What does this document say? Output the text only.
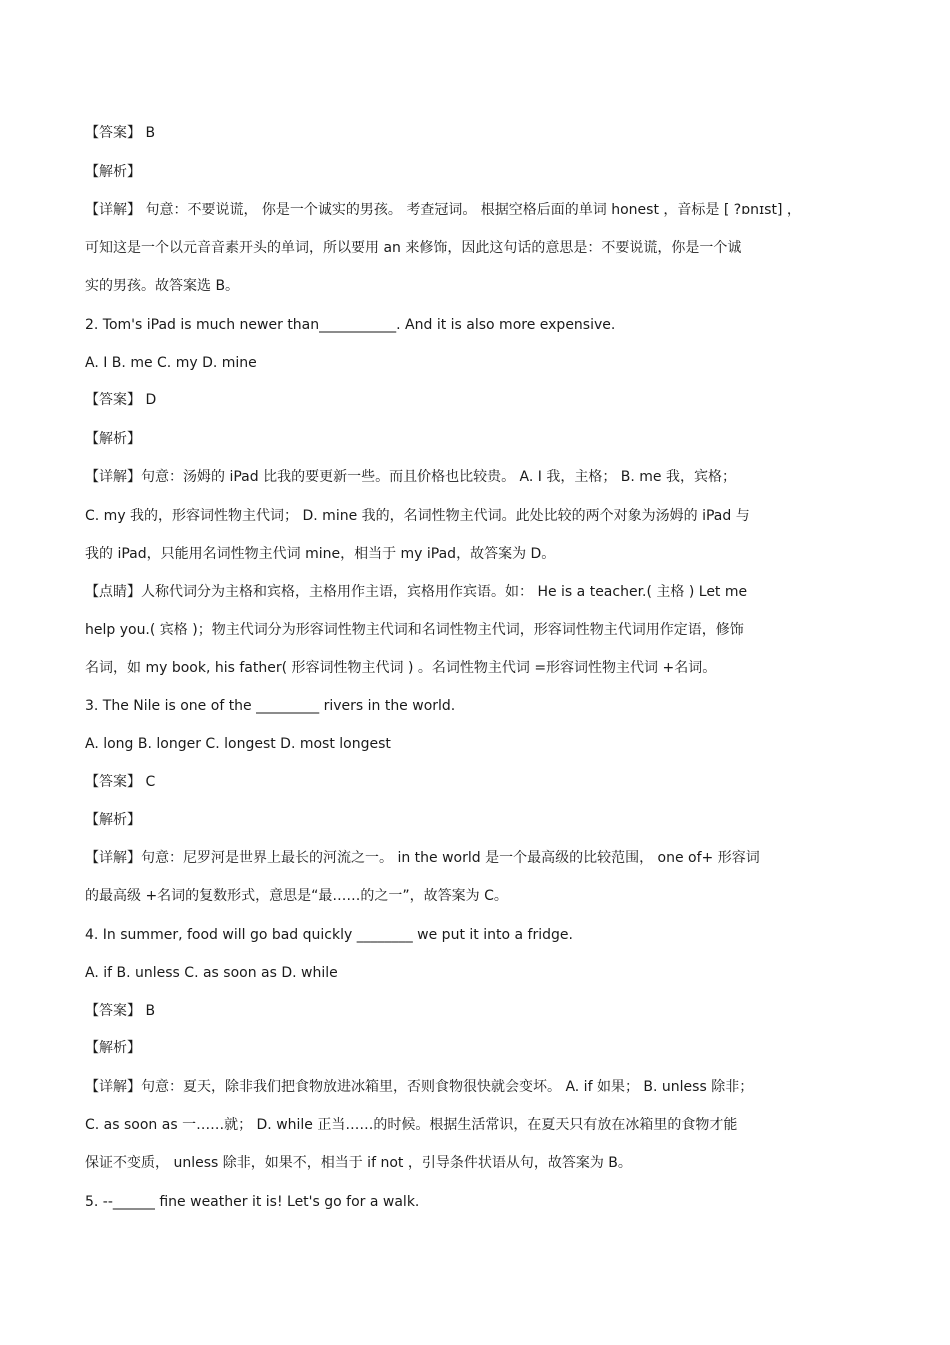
【答案】 B
【解析】
【详解】 句意：不要说谎， 你是一个诚实的男孩。 考查冠词。 根据空格后面的单词 honest ，音标是 [ ?ɒnɪst] ，
可知这是一个以元音音素开头的单词，所以要用 an 来修饰，因此这句话的意思是：不要说谎，你是一个诚
实的男孩。故答案选 B。
2. Tom's iPad is much newer than___________. And it is also more expensive.
A. I B. me C. my D. mine
【答案】 D
【解析】
【详解】句意：汤姆的 iPad 比我的要更新一些。而且价格也比较贵。 A. I 我，主格； B. me 我，宾格；
C. my 我的，形容词性物主代词； D. mine 我的，名词性物主代词。此处比较的两个对象为汤姆的 iPad 与
我的 iPad，只能用名词性物主代词 mine，相当于 my iPad，故答案为 D。
【点睛】人称代词分为主格和宾格，主格用作主语，宾格用作宾语。如： He is a teacher.( 主格 ) Let me
help you.( 宾格 )；物主代词分为形容词性物主代词和名词性物主代词，形容词性物主代词用作定语，修饰
名词，如 my book, his father( 形容词性物主代词 ) 。名词性物主代词 =形容词性物主代词 +名词。
3. The Nile is one of the _________ rivers in the world.
A. long B. longer C. longest D. most longest
【答案】 C
【解析】
【详解】句意：尼罗河是世界上最长的河流之一。 in the world 是一个最高级的比较范围， one of+ 形容词
的最高级 +名词的复数形式，意思是“最……的之一”，故答案为 C。
4. In summer, food will go bad quickly ________ we put it into a fridge.
A. if B. unless C. as soon as D. while
【答案】 B
【解析】
【详解】句意：夏天，除非我们把食物放进冰箱里，否则食物很快就会变坏。 A. if 如果； B. unless 除非；
C. as soon as 一……就； D. while 正当……的时候。根据生活常识，在夏天只有放在冰箱里的食物才能
保证不变质， unless 除非，如果不，相当于 if not ，引导条件状语从句，故答案为 B。
5. --______ fine weather it is! Let's go for a walk.
